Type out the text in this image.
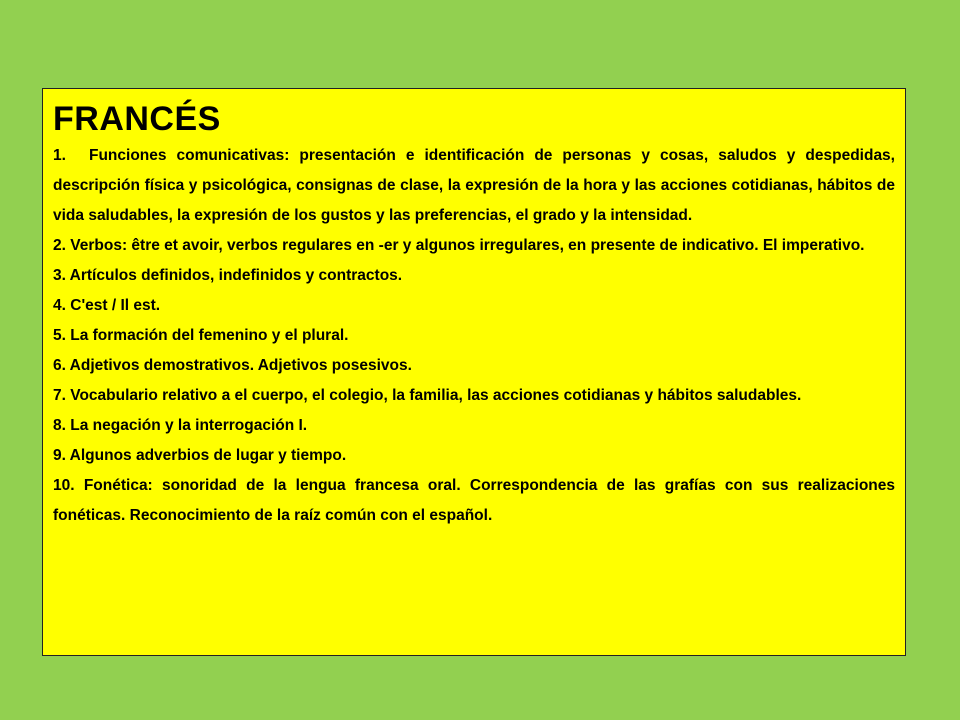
FRANCÉS
1. Funciones comunicativas: presentación e identificación de personas y cosas, saludos y despedidas, descripción física y psicológica, consignas de clase, la expresión de la hora y las acciones cotidianas, hábitos de vida saludables, la expresión de los gustos y las preferencias, el grado y la intensidad.
2. Verbos: être et avoir, verbos regulares en -er y algunos irregulares, en presente de indicativo. El imperativo.
3. Artículos definidos, indefinidos y contractos.
4. C'est / Il est.
5. La formación del femenino y el plural.
6. Adjetivos demostrativos. Adjetivos posesivos.
7. Vocabulario relativo a el cuerpo, el colegio, la familia, las acciones cotidianas y hábitos saludables.
8. La negación y la interrogación I.
9. Algunos adverbios de lugar y tiempo.
10. Fonética: sonoridad de la lengua francesa oral. Correspondencia de las grafías con sus realizaciones fonéticas. Reconocimiento de la raíz común con el español.
